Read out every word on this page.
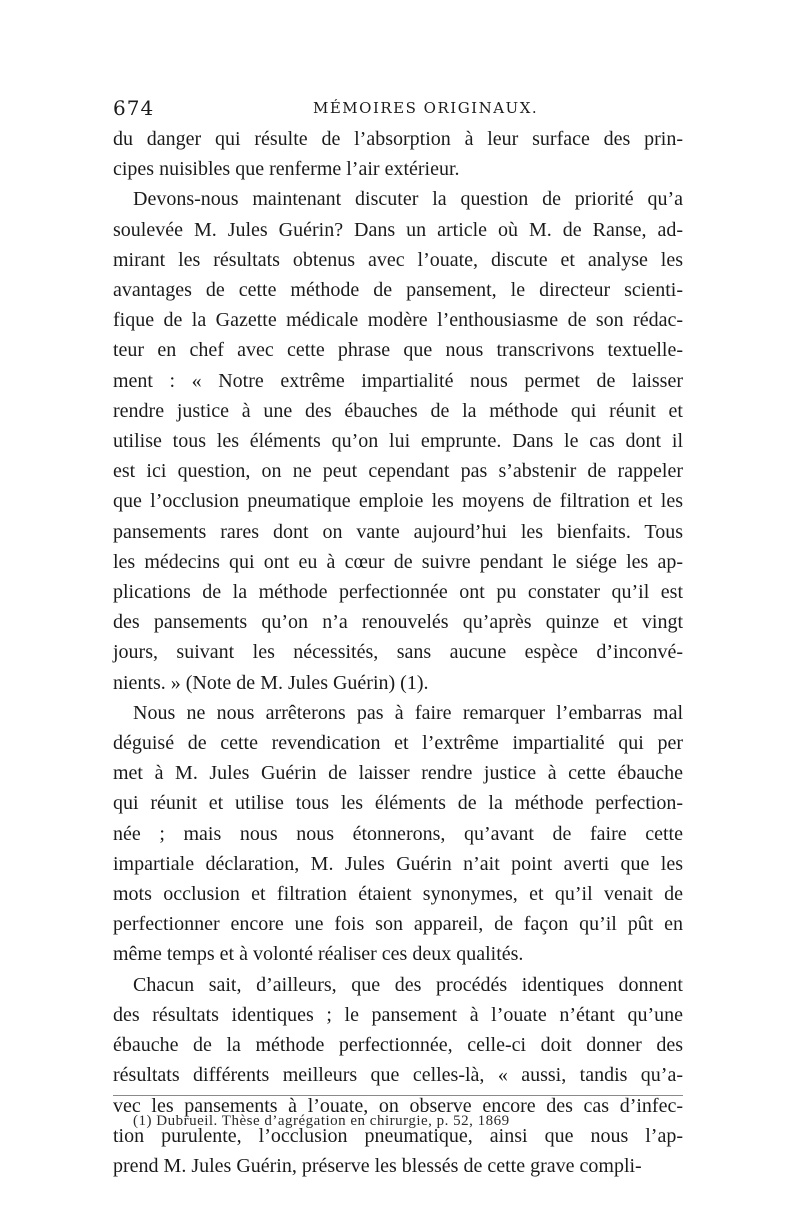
674	MÉMOIRES ORIGINAUX.
du danger qui résulte de l’absorption à leur surface des prin-
cipes nuisibles que renferme l’air extérieur.
Devons-nous maintenant discuter la question de priorité qu’a
soulevée M. Jules Guérin? Dans un article où M. de Ranse, ad-
mirant les résultats obtenus avec l’ouate, discute et analyse les
avantages de cette méthode de pansement, le directeur scienti-
fique de la Gazette médicale modère l’enthousiasme de son rédac-
teur en chef avec cette phrase que nous transcrivons textuelle-
ment : « Notre extrême impartialité nous permet de laisser
rendre justice à une des ébauches de la méthode qui réunit et
utilise tous les éléments qu’on lui emprunte. Dans le cas dont il
est ici question, on ne peut cependant pas s’abstenir de rappeler
que l’occlusion pneumatique emploie les moyens de filtration et les
pansements rares dont on vante aujourd’hui les bienfaits. Tous
les médecins qui ont eu à cœur de suivre pendant le siége les ap-
plications de la méthode perfectionnée ont pu constater qu’il est
des pansements qu’on n’a renouvelés qu’après quinze et vingt
jours, suivant les nécessités, sans aucune espèce d’inconvé-
nients. » (Note de M. Jules Guérin) (1).
Nous ne nous arrêterons pas à faire remarquer l’embarras mal
déguisé de cette revendication et l’extrême impartialité qui per
met à M. Jules Guérin de laisser rendre justice à cette ébauche
qui réunit et utilise tous les éléments de la méthode perfection-
née ; mais nous nous étonnerons, qu’avant de faire cette
impartiale déclaration, M. Jules Guérin n’ait point averti que les
mots occlusion et filtration étaient synonymes, et qu’il venait de
perfectionner encore une fois son appareil, de façon qu’il pût en
même temps et à volonté réaliser ces deux qualités.
Chacun sait, d’ailleurs, que des procédés identiques donnent
des résultats identiques ; le pansement à l’ouate n’étant qu’une
ébauche de la méthode perfectionnée, celle-ci doit donner des
résultats différents meilleurs que celles-là, « aussi, tandis qu’a-
vec les pansements à l’ouate, on observe encore des cas d’infec-
tion purulente, l’occlusion pneumatique, ainsi que nous l’ap-
prend M. Jules Guérin, préserve les blessés de cette grave compli-
(1) Dubrueil. Thèse d’agrégation en chirurgie, p. 52, 1869
